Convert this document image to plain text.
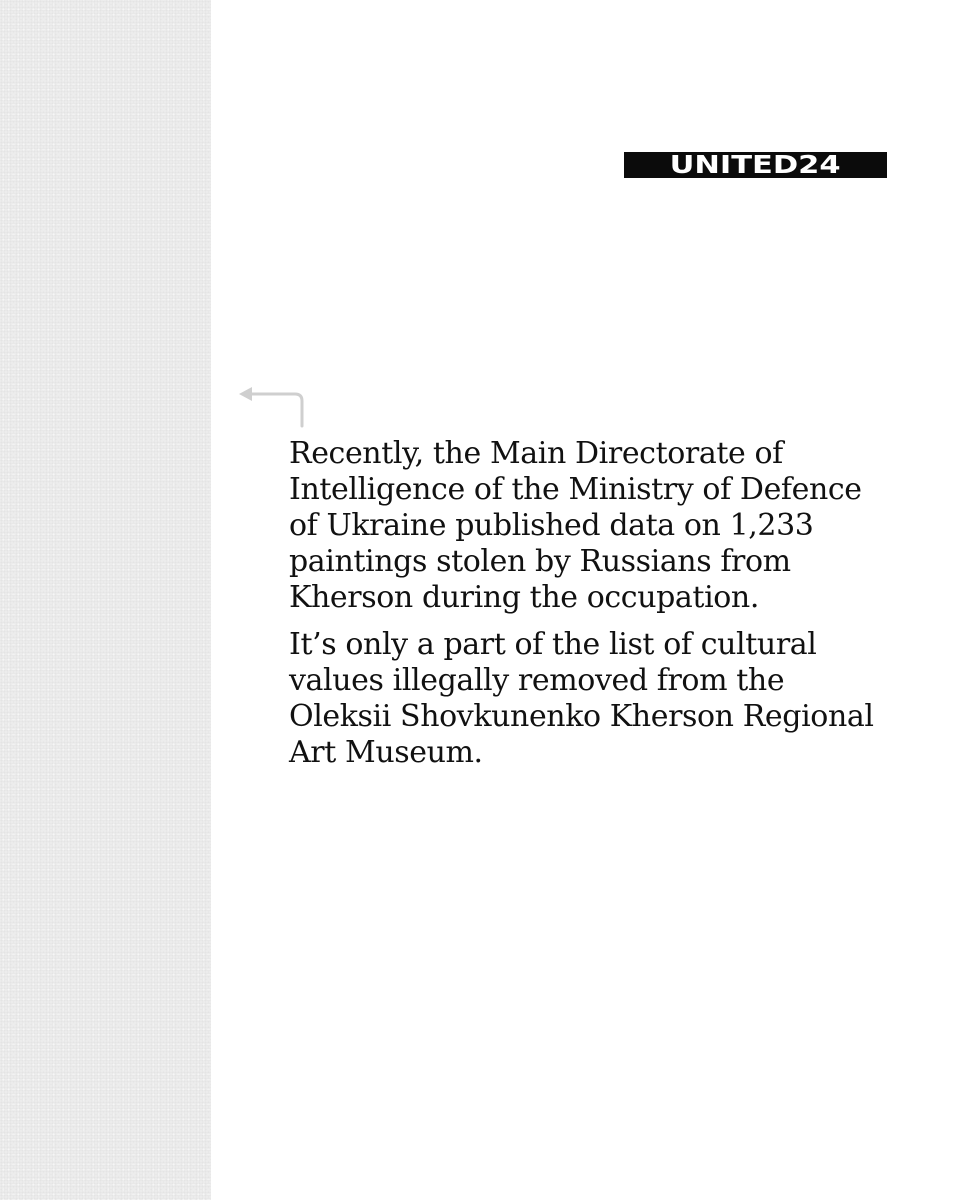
UNITED24

Recently, the Main Directorate of
Intelligence of the Ministry of Defence
of Ukraine published data on 1,233
paintings stolen by Russians from
Kherson during the occupation.

It’s only a part of the list of cultural
values illegally removed from the
Oleksii Shovkunenko Kherson Regional
Art Museum.
